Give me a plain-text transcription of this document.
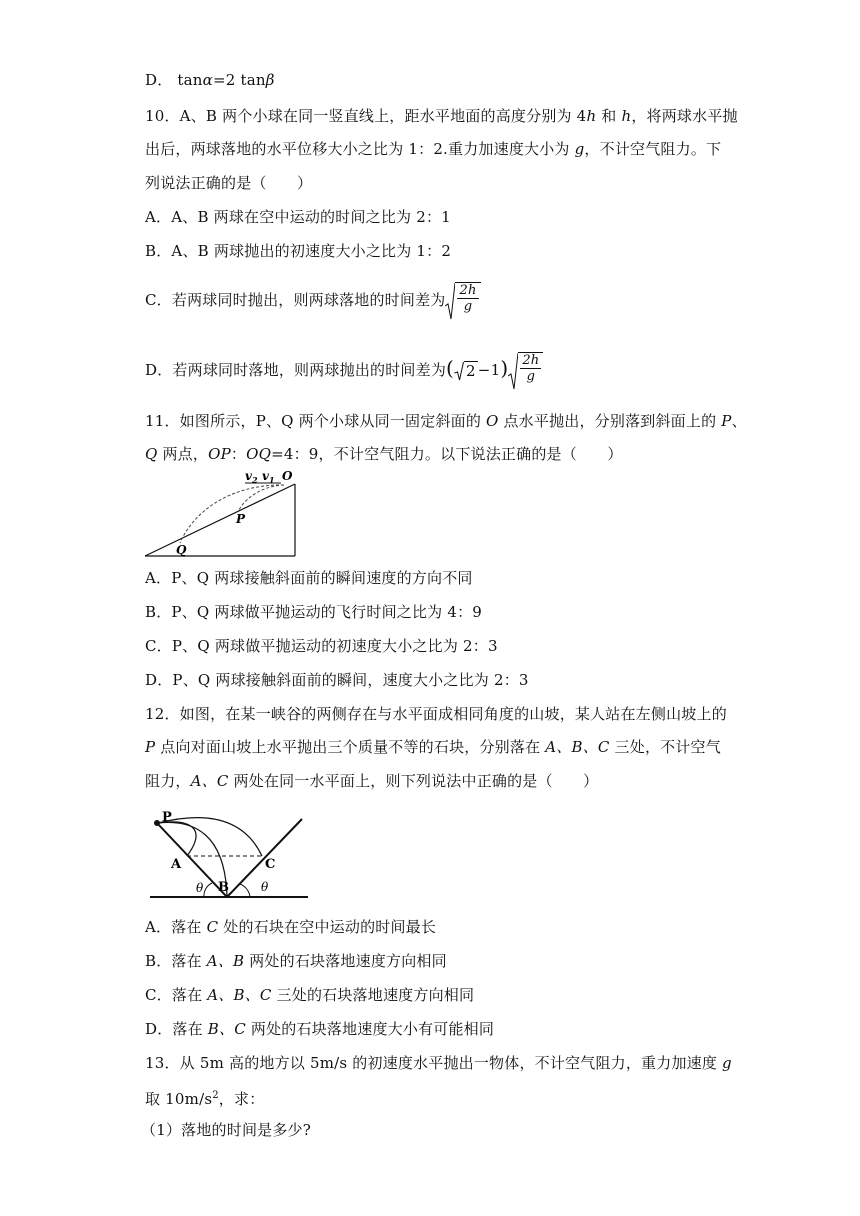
D． tanα=2 tanβ
10．A、B 两个小球在同一竖直线上，距水平地面的高度分别为 4h 和 h，将两球水平抛
出后，两球落地的水平位移大小之比为 1：2.重力加速度大小为 g，不计空气阻力。下
列说法正确的是（　　）
A．A、B 两球在空中运动的时间之比为 2：1
B．A、B 两球抛出的初速度大小之比为 1：2
C．若两球同时抛出，则两球落地的时间差为 $\frac{2h}{g}$
D．若两球同时落地，则两球抛出的时间差为( $2 -1) \frac{2h}{g}$
11．如图所示，P、Q 两个小球从同一固定斜面的 O 点水平抛出，分别落到斜面上的 P、
Q 两点，OP：OQ=4：9，不计空气阻力。以下说法正确的是（　　）
$v_2$ $v_1$ O
P
Q
A．P、Q 两球接触斜面前的瞬间速度的方向不同
B．P、Q 两球做平抛运动的飞行时间之比为 4：9
C．P、Q 两球做平抛运动的初速度大小之比为 2：3
D．P、Q 两球接触斜面前的瞬间，速度大小之比为 2：3
12．如图，在某一峡谷的两侧存在与水平面成相同角度的山坡，某人站在左侧山坡上的
P 点向对面山坡上水平抛出三个质量不等的石块，分别落在 A、B、C 三处，不计空气
阻力，A、C 两处在同一水平面上，则下列说法中正确的是（　　）
P
A
B
C
θ	θ
A．落在 C 处的石块在空中运动的时间最长
B．落在 A、B 两处的石块落地速度方向相同
C．落在 A、B、C 三处的石块落地速度方向相同
D．落在 B、C 两处的石块落地速度大小有可能相同
13．从 5m 高的地方以 5m/s 的初速度水平抛出一物体，不计空气阻力，重力加速度 g
取 $10m/s^2$，求：
（1）落地的时间是多少?
